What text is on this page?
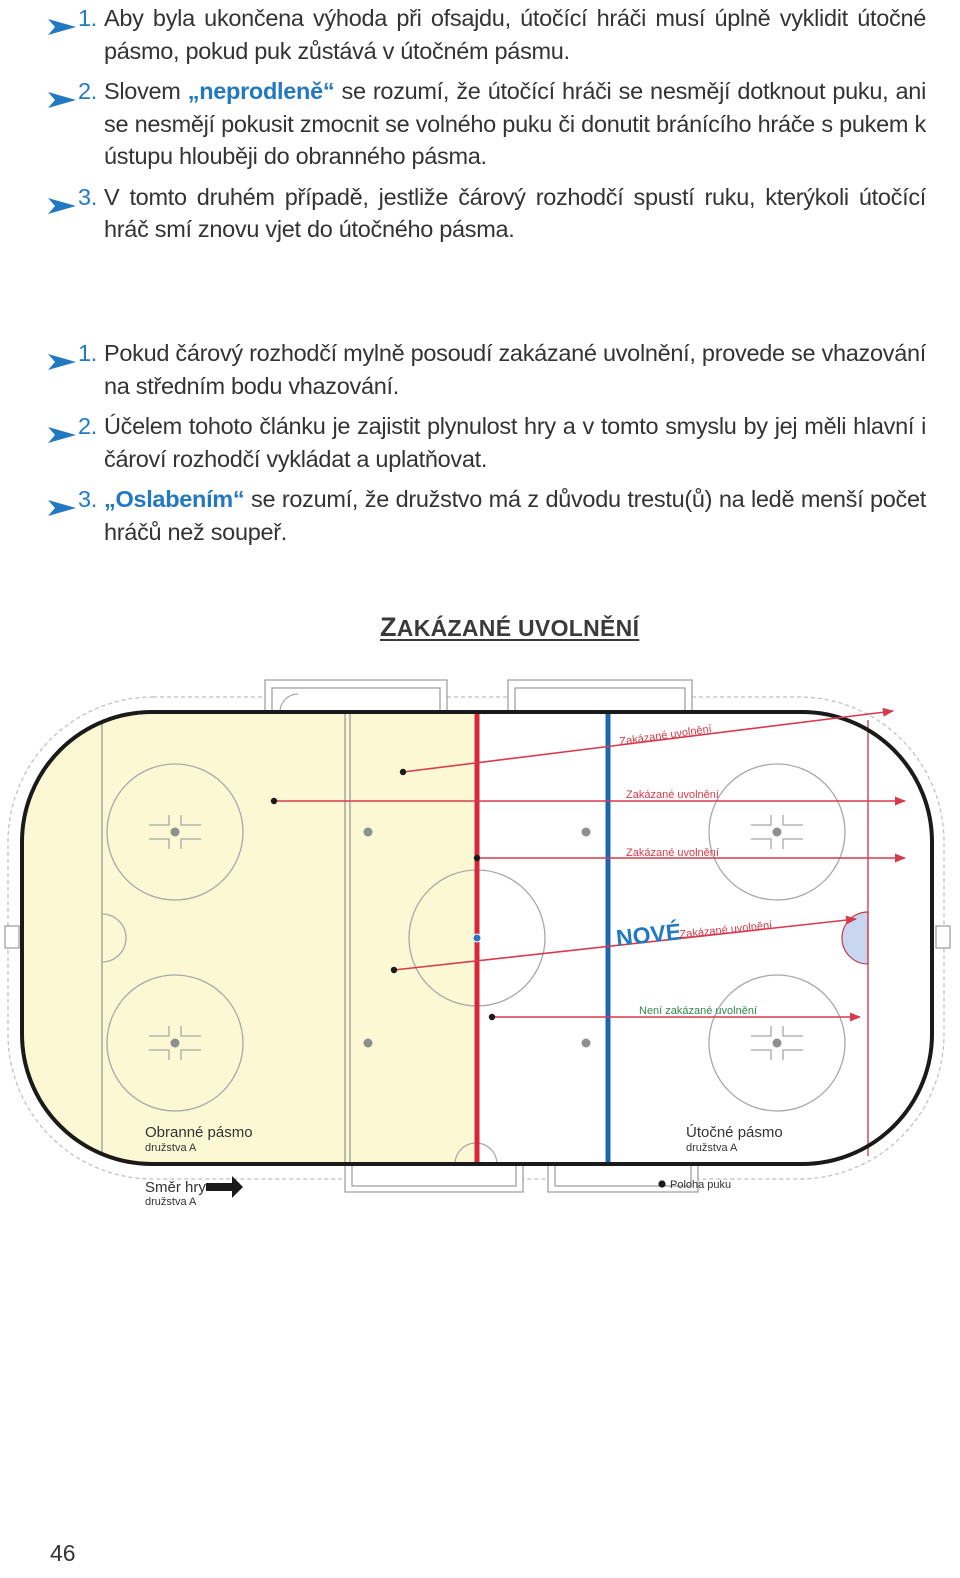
1. Aby byla ukončena výhoda při ofsajdu, útočící hráči musí úplně vyklidit útočné pásmo, pokud puk zůstává v útočném pásmu.
2. Slovem „neprodleně“ se rozumí, že útočící hráči se nesmějí dotknout puku, ani se nesmějí pokusit zmocnit se volného puku či donutit bránícího hráče s pukem k ústupu hlouběji do obranného pásma.
3. V tomto druhém případě, jestliže čárový rozhodčí spustí ruku, kterýkoli útočící hráč smí znovu vjet do útočného pásma.
1. Pokud čárový rozhodčí mylně posoudí zakázané uvolnění, provede se vhazování na středním bodu vhazování.
2. Účelem tohoto článku je zajistit plynulost hry a v tomto smyslu by jej měli hlavní i čároví rozhodčí vykládat a uplatňovat.
3. „Oslabením“ se rozumí, že družstvo má z důvodu trestu(ů) na ledě menší počet hráčů než soupeř.
ZAKÁZANÉ UVOLNĚNÍ
Zakázané uvolnění
Zakázané uvolnění
Zakázané uvolnění
NOVÉ
Zakázané uvolnění
Není zakázané uvolnění
Obranné pásmo
družstva A
Útočné pásmo
družstva A
Směr hry
družstva A
Poloha puku
46
